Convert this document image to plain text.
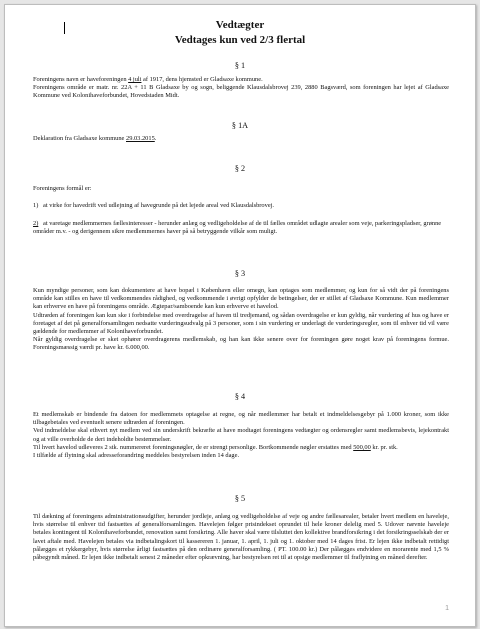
Vedtægter
Vedtages kun ved 2/3 flertal
§ 1
Foreningens navn er haveforeningen 4 juli af 1917, dens hjemsted er Gladsaxe kommune.
Foreningens område er matr. nr. 22A + 11 B Gladsaxe by og sogn, beliggende Klausdalsbrovej 239, 2880 Bagsværd, som foreningen har lejet af Gladsaxe Kommune ved Kolonihaveforbundet, Hovedstaden Midt.
§ 1A
Deklaration fra Gladsaxe kommune 29.03.2015.
§ 2
Foreningens formål er:
1) at virke for havedrift ved udlejning af havegrunde på det lejede areal ved Klausdalsbrovej.
2) at varetage medlemmernes fællesinteresser - herunder anlæg og vedligeholdelse af de til fælles området udlagte arealer som veje, parkeringspladser, grønne områder m.v. - og derigennem sikre medlemmernes haver på så betryggende vilkår som muligt.
§ 3
Kun myndige personer, som kan dokumentere at have bopæl i København eller omegn, kan optages som medlemmer, og kun for så vidt der på foreningens område kan stilles en have til vedkommendes rådighed, og vedkommende i øvrigt opfylder de betingelser, der er stillet af Gladsaxe Kommune. Kun medlemmer kan erhverve en have på foreningens område. Ægtepar/samboende kan kun erhverve et havelod.
Udtræden af foreningen kan kun ske i forbindelse med overdragelse af haven til tredjemand, og sådan overdragelse er kun gyldig, når vurdering af hus og have er foretaget af det på generalforsamlingen nedsatte vurderingsudvalg på 3 personer, som i sin vurdering er underlagt de vurderingsregler, som til enhver tid vil være gældende for medlemmer af Kolonihaveforbundet.
Når gyldig overdragelse er sket ophører overdragerens medlemskab, og han kan ikke senere over for foreningen gøre noget krav på foreningens formue. Foreningsmæssig værdi pr. have kr. 6.000,00.
§ 4
Et medlemskab er bindende fra datoen for medlemmets optagelse at regne, og når medlemmer har betalt et indmeldelsesgebyr på 1.000 kroner, som ikke tilbagebetales ved eventuelt senere udtræden af foreningen.
Ved indmeldelse skal ethvert nyt medlem ved sin underskrift bekræfte at have modtaget foreningens vedtægter og ordensregler samt medlemsbevis, lejekontrakt og at ville overholde de deri indeholdte bestemmelser.
Til hvert havelod udleveres 2 stk. nummereret foreningsnøgler, de er strengt personlige. Bortkommende nøgler erstattes med 500,00 kr. pr. stk.
I tilfælde af flytning skal adresseforandring meddeles bestyrelsen inden 14 dage.
§ 5
Til dækning af foreningens administrationsudgifter, herunder jordleje, anlæg og vedligeholdelse af veje og andre fællesarealer, betaler hvert medlem en haveleje, hvis størrelse til enhver tid fastsættes af generalforsamlingen. Havelejen følger prisindekset oprundet til hele kroner delelig med 5. Udover nævnte haveleje betales kontingent til Kolonihaveforbundet, renovation samt forsikring. Alle haver skal være tilsluttet den kollektive brandforsikring i det forsikringsselskab der er lavet aftale med. Havelejen betales via indbetalingskort til kassereren 1. januar, 1. april, 1. juli og 1. oktober med 14 dages frist. Er lejen ikke indbetalt rettidigt pålægges et rykkergebyr, hvis størrelse årligt fastsættes på den ordinære generalforsamling. ( PT. 100.00 kr.) Der pålægges endvidere en morarente med 1,5 % påbegyndt måned. Er lejen ikke indbetalt senest 2 måneder efter opkrævning, har bestyrelsen ret til at opsige medlemmer til fraflytning en måned derefter.
1
